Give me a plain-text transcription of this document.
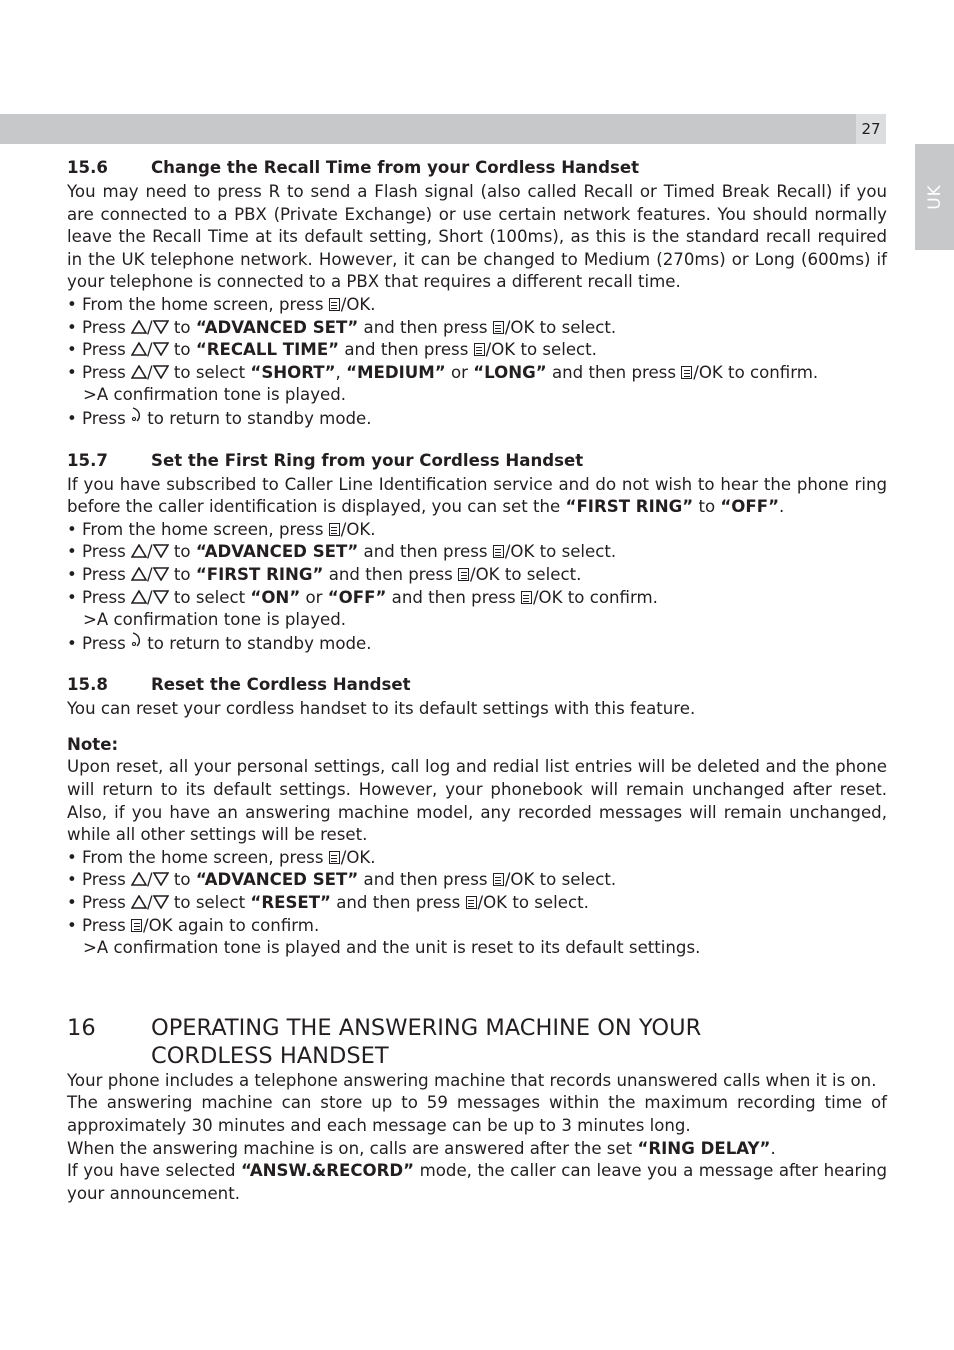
27
UK
15.6	Change the Recall Time from your Cordless Handset

You may need to press R to send a Flash signal (also called Recall or Timed Break Recall) if you are connected to a PBX (Private Exchange) or use certain network features. You should normally leave the Recall Time at its default setting, Short (100ms), as this is the standard recall required in the UK telephone network. However, it can be changed to Medium (270ms) or Long (600ms) if your telephone is connected to a PBX that requires a different recall time.

• From the home screen, press /OK.

• Press / to “ADVANCED SET” and then press /OK to select.

• Press / to “RECALL TIME” and then press /OK to select.

• Press / to select “SHORT”, “MEDIUM” or “LONG” and then press /OK to confirm.

>A confirmation tone is played.

• Press to return to standby mode.

15.7	Set the First Ring from your Cordless Handset

If you have subscribed to Caller Line Identification service and do not wish to hear the phone ring before the caller identification is displayed, you can set the “FIRST RING” to “OFF”.

• From the home screen, press /OK.

• Press / to “ADVANCED SET” and then press /OK to select.

• Press / to “FIRST RING” and then press /OK to select.

• Press / to select “ON” or “OFF” and then press /OK to confirm.

>A confirmation tone is played.

• Press to return to standby mode.

15.8	Reset the Cordless Handset

You can reset your cordless handset to its default settings with this feature.

Note:

Upon reset, all your personal settings, call log and redial list entries will be deleted and the phone will return to its default settings. However, your phonebook will remain unchanged after reset. Also, if you have an answering machine model, any recorded messages will remain unchanged, while all other settings will be reset.

• From the home screen, press /OK.

• Press / to “ADVANCED SET” and then press /OK to select.

• Press / to select “RESET” and then press /OK to select.

• Press /OK again to confirm.

>A confirmation tone is played and the unit is reset to its default settings.

16	OPERATING THE ANSWERING MACHINE ON YOUR
CORDLESS HANDSET

Your phone includes a telephone answering machine that records unanswered calls when it is on.

The answering machine can store up to 59 messages within the maximum recording time of approximately 30 minutes and each message can be up to 3 minutes long.

When the answering machine is on, calls are answered after the set “RING DELAY”.

If you have selected “ANSW.&RECORD” mode, the caller can leave you a message after hearing your announcement.
